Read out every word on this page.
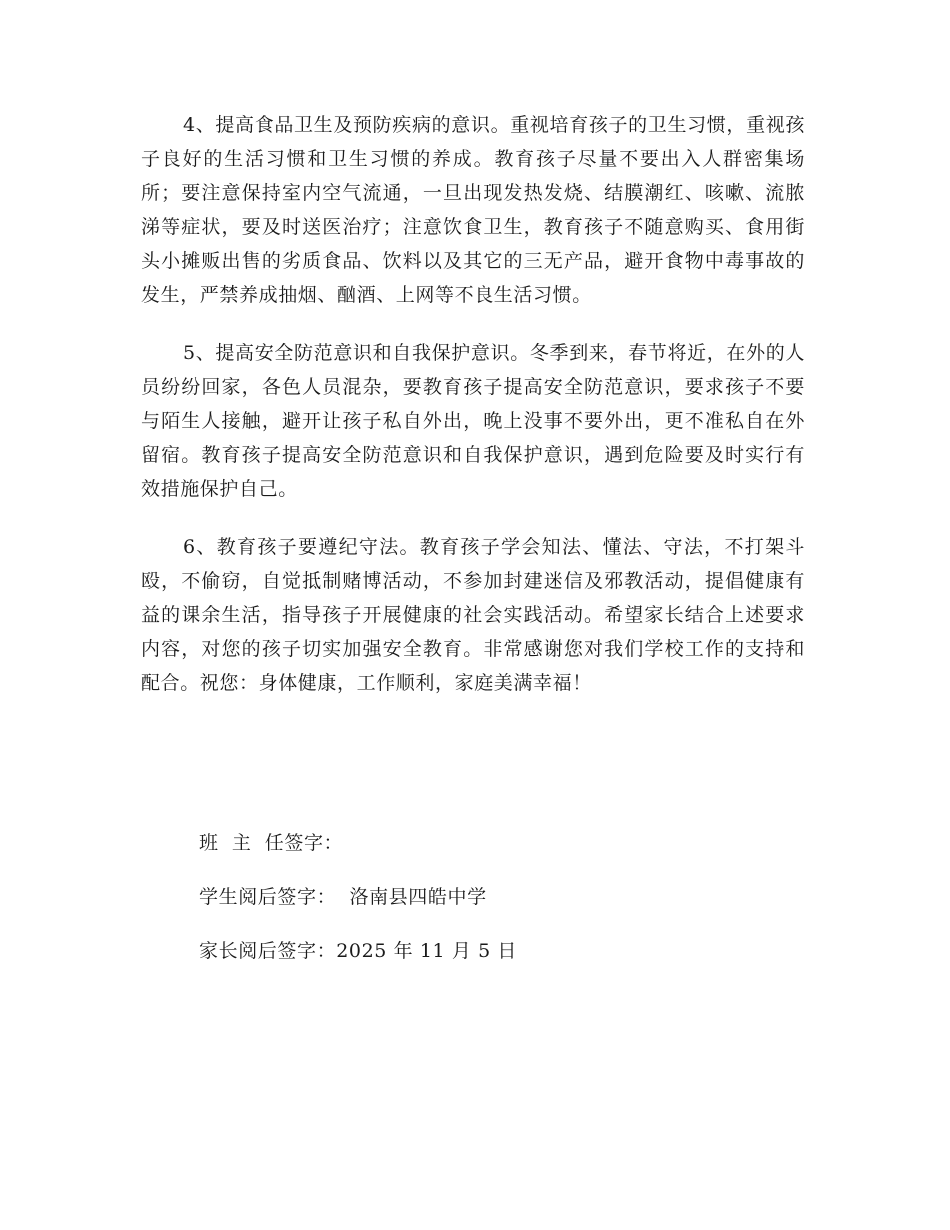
4、提高食品卫生及预防疾病的意识。重视培育孩子的卫生习惯，重视孩子良好的生活习惯和卫生习惯的养成。教育孩子尽量不要出入人群密集场所；要注意保持室内空气流通，一旦出现发热发烧、结膜潮红、咳嗽、流脓涕等症状，要及时送医治疗；注意饮食卫生，教育孩子不随意购买、食用街头小摊贩出售的劣质食品、饮料以及其它的三无产品，避开食物中毒事故的发生，严禁养成抽烟、酗酒、上网等不良生活习惯。

5、提高安全防范意识和自我保护意识。冬季到来，春节将近，在外的人员纷纷回家，各色人员混杂，要教育孩子提高安全防范意识，要求孩子不要与陌生人接触，避开让孩子私自外出，晚上没事不要外出，更不准私自在外留宿。教育孩子提高安全防范意识和自我保护意识，遇到危险要及时实行有效措施保护自己。

6、教育孩子要遵纪守法。教育孩子学会知法、懂法、守法，不打架斗殴，不偷窃，自觉抵制赌博活动，不参加封建迷信及邪教活动，提倡健康有益的课余生活，指导孩子开展健康的社会实践活动。希望家长结合上述要求内容，对您的孩子切实加强安全教育。非常感谢您对我们学校工作的支持和配合。祝您：身体健康，工作顺利，家庭美满幸福！

班  主  任签字：
学生阅后签字：  洛南县四皓中学
家长阅后签字：2025 年 11 月 5 日
